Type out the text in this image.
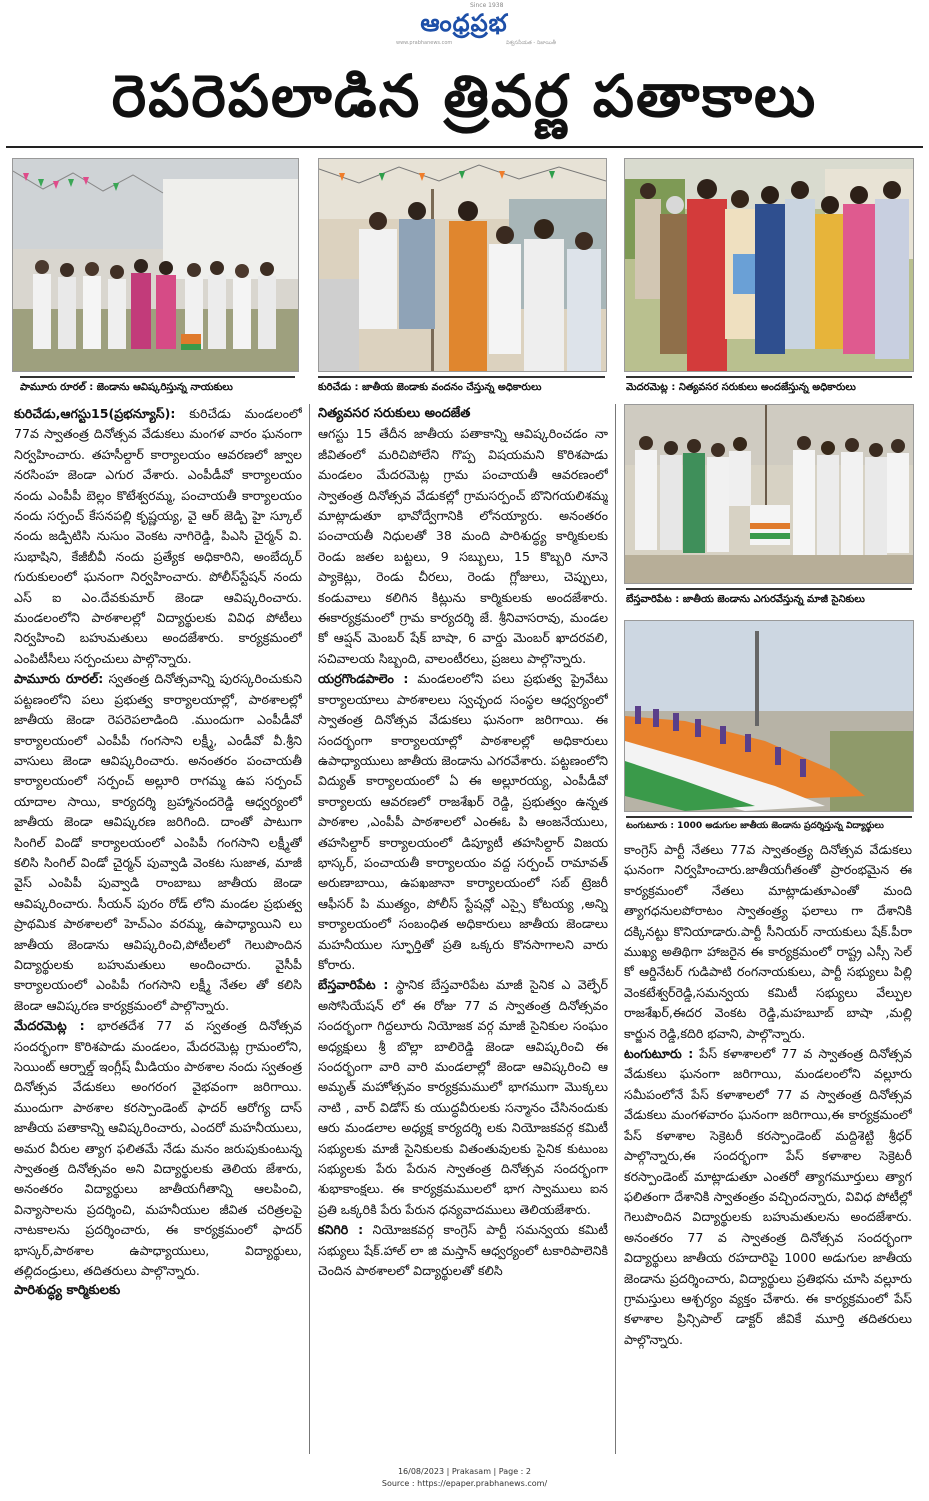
ఆంధ్రప్రభ
Since 1938
www.prabhanews.com	విశ్వసనీయత - నిజాయితీ
రెపరెపలాడిన త్రివర్ణ పతాకాలు
పామూరు రూరల్ : జెండాను ఆవిష్కరిస్తున్న నాయకులు	కురిచేడు : జాతీయ జెండాకు వందనం చేస్తున్న అధికారులు	మెదరమెట్ల : నిత్యవసర సరుకులు అందజేస్తున్న అధికారులు
బేస్తవారిపేట : జాతీయ జెండాను ఎగురవేస్తున్న మాజీ సైనికులు
టంగుటూరు : 1000 అడుగుల జాతీయ జెండాను ప్రదర్శిస్తున్న విద్యార్థులు

కురిచేడు,ఆగస్టు15(ప్రభన్యూస్): కురిచేడు మండలంలో 77వ స్వాతంత్ర దినోత్సవ వేడుకలు మంగళ వారం ఘనంగా నిర్వహించారు. తహసీల్దార్ కార్యాలయం ఆవరణలో జ్వాల నరసింహ జెండా ఎగుర వేశారు. ఎంపీడీవో కార్యాలయం నందు ఎంపీపీ బెల్లం కొటేశ్వరమ్మ, పంచాయతీ కార్యాలయం నందు సర్పంచ్ కేసనపల్లి కృష్ణయ్య, వై ఆర్ జెడ్పి హై స్కూల్ నందు జడ్పిటిసి నుసుం వెంకట నాగిరెడ్డి, పిఎసి చైర్మన్ వి. సుభాషిని, కేజీబీవీ నందు ప్రత్యేక అధికారిని, అంబేద్కర్ గురుకులంలో ఘనంగా నిర్వహించారు. పోలీస్‌స్టేషన్ నందు ఎస్ ఐ ఎం.దేవకుమార్ జెండా ఆవిష్కరించారు. మండలంలోని పాఠశాలల్లో విద్యార్థులకు వివిధ పోటీలు నిర్వహించి బహుమతులు అందజేశారు. కార్యక్రమంలో ఎంపిటీసీలు సర్పంచులు పాల్గొన్నారు.

పామూరు రూరల్: స్వతంత్ర దినోత్సవాన్ని పురస్కరించుకుని పట్టణంలోని పలు ప్రభుత్వ కార్యాలయాల్లో, పాఠశాలల్లో జాతీయ జెండా రెపరెపలాడింది .ముందుగా ఎంపీడీవో కార్యాలయంలో ఎంపీపీ గంగసాని లక్ష్మీ, ఎండీవో వీ.శ్రీని వాసులు జెండా ఆవిష్కరించారు. అనంతరం పంచాయతీ కార్యాలయంలో సర్పంచ్ అల్లూరి రాగమ్మ ఉప సర్పంచ్ యాదాల సాయి, కార్యదర్శి బ్రహ్మానందరెడ్డి ఆధ్వర్యంలో జాతీయ జెండా ఆవిష్కరణ జరిగింది. దాంతో పాటుగా సింగిల్ విండో కార్యాలయంలో ఎంపిపీ గంగసాని లక్ష్మీతో కలిసి సింగిల్ విండో చైర్మన్ పువ్వాడి వెంకట సుజాత, మాజీ వైస్ ఎంపిపీ పువ్వాడి రాంబాబు జాతీయ జెండా ఆవిష్కరించారు. సీయన్ పురం రోడ్ లోని మండల ప్రభుత్వ ప్రాథమిక పాఠశాలలో హెచ్ఎం వరమ్మ, ఉపాధ్యాయిని లు జాతీయ జెండాను ఆవిష్కరించి,పోటీలలో గెలుపొందిన విద్యార్థులకు బహుమతులు అందించారు. వైసీపీ కార్యాలయంలో ఎంపిపీ గంగసాని లక్ష్మీ నేతల తో కలిసి జెండా ఆవిష్కరణ కార్యక్రమంలో పాల్గొన్నారు.

మేదరమెట్ల : భారతదేశ 77 వ స్వతంత్ర దినోత్సవ సందర్భంగా కొరిశపాడు మండలం, మేదరమెట్ల గ్రామంలోని, సెయింట్ ఆర్నాల్డ్ ఇంగ్లీష్ మీడియం పాఠశాల నందు స్వతంత్ర దినోత్సవ వేడుకలు అంగరంగ వైభవంగా జరిగాయి. ముందుగా పాఠశాల కరస్పాండెంట్ ఫాదర్ ఆరోగ్య దాస్ జాతీయ పతాకాన్ని ఆవిష్కరించారు, ఎందరో మహనీయులు, అమర వీరుల త్యాగ ఫలితమే నేడు మనం జరుపుకుంటున్న స్వాతంత్ర దినోత్సవం అని విద్యార్థులకు తెలియ జేశారు, అనంతరం విద్యార్థులు జాతీయగీతాన్ని ఆలపించి, విన్యాసాలను ప్రదర్శించి, మహనీయుల జీవిత చరిత్రలపై నాటకాలను ప్రదర్శించారు, ఈ కార్యక్రమంలో ఫాదర్ భాస్కర్,పాఠశాల ఉపాధ్యాయులు, విద్యార్థులు, తల్లిదండ్రులు, తదితరులు పాల్గొన్నారు.

పారిశుద్ధ్య కార్మికులకు

నిత్యవసర సరుకులు అందజేత

ఆగస్టు 15 తేదీన జాతీయ పతాకాన్ని ఆవిష్కరించడం నా జీవితంలో మరిచిపోలేని గొప్ప విషయమని కొరిశపాడు మండలం మేదరమెట్ల గ్రామ పంచాయతీ ఆవరణంలో స్వాతంత్ర దినోత్సవ వేడుకల్లో గ్రామసర్పంచ్ బొనిగయలిశమ్మ మాట్లాడుతూ భావోద్వేగానికి లోనయ్యారు. అనంతరం పంచాయతీ నిధులతో 38 మంది పారిశుద్ధ్య కార్మికులకు రెండు జతల బట్టలు, 9 సబ్బులు, 15 కొబ్బరి నూనె ప్యాకెట్లు, రెండు చీరలు, రెండు గ్లోజులు, చెప్పులు, కండువాలు కలిగిన కిట్లును కార్మికులకు అందజేశారు. ఈకార్యక్రమంలో గ్రామ కార్యదర్శి జే. శ్రీనివాసరావు, మండల కో ఆప్షన్ మెంబర్ షేక్ బాషా, 6 వార్డు మెంబర్ ఖాదరవలి, సచివాలయ సిబ్బంది, వాలంటీరలు, ప్రజలు పాల్గొన్నారు.

యర్రగొండపాలెం : మండలంలోని పలు ప్రభుత్వ ప్రైవేటు కార్యాలయాలు పాఠశాలలు స్వచ్ఛంద సంస్థల ఆధ్వర్యంలో స్వాతంత్ర దినోత్సవ వేడుకలు ఘనంగా జరిగాయి. ఈ సందర్భంగా కార్యాలయాల్లో పాఠశాలల్లో అధికారులు ఉపాధ్యాయులు జాతీయ జెండాను ఎగరవేశారు. పట్టణంలోని విద్యుత్ కార్యాలయంలో ఏ ఈ అల్లూరయ్య, ఎంపీడీవో కార్యాలయ ఆవరణలో రాజశేఖర్ రెడ్డి, ప్రభుత్వం ఉన్నత పాఠశాల ,ఎంపీపీ పాఠశాలలో ఎంఈఓ పి ఆంజనేయులు, తహసిల్దార్ కార్యాలయంలో డిప్యూటీ తహసిల్దార్ విజయ భాస్కర్, పంచాయతీ కార్యాలయం వద్ద సర్పంచ్ రామావత్ అరుణాబాయి, ఉపఖజానా కార్యాలయంలో సబ్ ట్రెజరీ ఆఫీసర్ పి ముత్యం, పోలీస్ స్టేషన్లో ఎస్సై కోటయ్య ,అన్ని కార్యాలయంలో సంబంధిత అధికారులు జాతీయ జెండాలు మహనీయుల స్ఫూర్తితో ప్రతి ఒక్కరు కొనసాగాలని వారు కోరారు.

బేస్తవారిపేట : స్థానిక బేస్తవారిపేట మాజీ సైనిక ఎ వెల్ఫేర్ అసోసియేషన్ లో ఈ రోజు 77 వ స్వాతంత్ర దినోత్సవం సందర్భంగా గిద్దలూరు నియోజక వర్గ మాజీ సైనికుల సంఘం అధ్యక్షులు శ్రీ బొల్లా బాలిరెడ్డి జెండా ఆవిష్కరించి ఈ సందర్భంగా వారి వారి మండలాల్లో జెండా ఆవిష్కరించి ఆ అమృత్ మహోత్సవం కార్యక్రమములో భాగముగా మొక్కలు నాటి , వార్ విడోస్ కు యుద్ధవీరులకు సన్మానం చేసినందుకు ఆరు మండలాల అధ్యక్ష కార్యదర్శి లకు నియోజకవర్గ కమిటీ సభ్యులకు మాజీ సైనికులకు వితంతువులకు సైనిక కుటుంబ సభ్యులకు పేరు పేరున స్వాతంత్ర దినోత్సవ సందర్భంగా శుభాకాంక్షలు. ఈ కార్యక్రమములలో భాగ స్వాములు ఐన ప్రతి ఒక్కరికి పేరు పేరున ధన్యవాదములు తెలియజేశారు.

కనిగిరి : నియోజకవర్గ కాంగ్రెస్ పార్టీ సమన్వయ కమిటీ సభ్యులు షేక్.హాల్ లా జి మస్తాన్ ఆధ్వర్యంలో టకారిపాలెనికి చెందిన పాఠశాలలో విద్యార్థులతో కలిసి

కాంగ్రెస్ పార్టీ నేతలు 77వ స్వాతంత్ర్య దినోత్సవ వేడుకలు ఘనంగా నిర్వహించారు.జాతీయగీతంతో ప్రారంభమైన ఈ కార్యక్రమంలో నేతలు మాట్లాడుతూఎంతో మంది త్యాగధనులపోరాటం స్వాతంత్ర్య ఫలాలు గా దేశానికి దక్కినట్టు కొనియాడారు.పార్టీ సీనియర్ నాయకులు షేక్.పీరా ముఖ్య అతిథిగా హాజరైన ఈ కార్యక్రమంలో రాష్ట్ర ఎస్సీ సెల్ కో ఆర్డినేటర్ గుడిపాటి రంగనాయకులు, పార్టీ సభ్యులు పిల్లి వెంకటేశ్వర్‌రెడ్డి,సమన్వయ కమిటీ సభ్యులు వేల్పుల రాజశేఖర్,ఈదర వెంకట రెడ్డి,మహబూబ్ బాషా ,మల్లి కార్జున రెడ్డి,కదిరి భవాని, పాల్గొన్నారు.

టంగుటూరు : పేస్ కళాశాలలో 77 వ స్వాతంత్ర దినోత్సవ వేడుకలు ఘనంగా జరిగాయి, మండలంలోని వల్లూరు సమీపంలోనే పేస్ కళాశాలలో 77 వ స్వాతంత్ర దినోత్సవ వేడుకలు మంగళవారం ఘనంగా జరిగాయి,ఈ కార్యక్రమంలో పేస్ కళాశాల సెక్రెటరీ కరస్పాండెంట్ మద్దిశెట్టి శ్రీధర్ పాల్గొన్నారు,ఈ సందర్భంగా పేస్ కళాశాల సెక్రెటరీ కరస్పాండెంట్ మాట్లాడుతూ ఎంతరో త్యాగమూర్తులు త్యాగ ఫలితంగా దేశానికి స్వాతంత్రం వచ్చిందన్నారు, వివిధ పోటీల్లో గెలుపొందిన విద్యార్థులకు బహుమతులను అందజేశారు. అనంతరం 77 వ స్వాతంత్ర దినోత్సవ సందర్భంగా విద్యార్థులు జాతీయ రహదారిపై 1000 అడుగుల జాతీయ జెండాను ప్రదర్శించారు, విద్యార్థులు ప్రతిభను చూసి వల్లూరు గ్రామస్తులు ఆశ్చర్యం వ్యక్తం చేశారు. ఈ కార్యక్రమంలో పేస్ కళాశాల ప్రిన్సిపాల్ డాక్టర్ జీవికే మూర్తి తదితరులు పాల్గొన్నారు.

16/08/2023 | Prakasam | Page : 2
Source : https://epaper.prabhanews.com/
